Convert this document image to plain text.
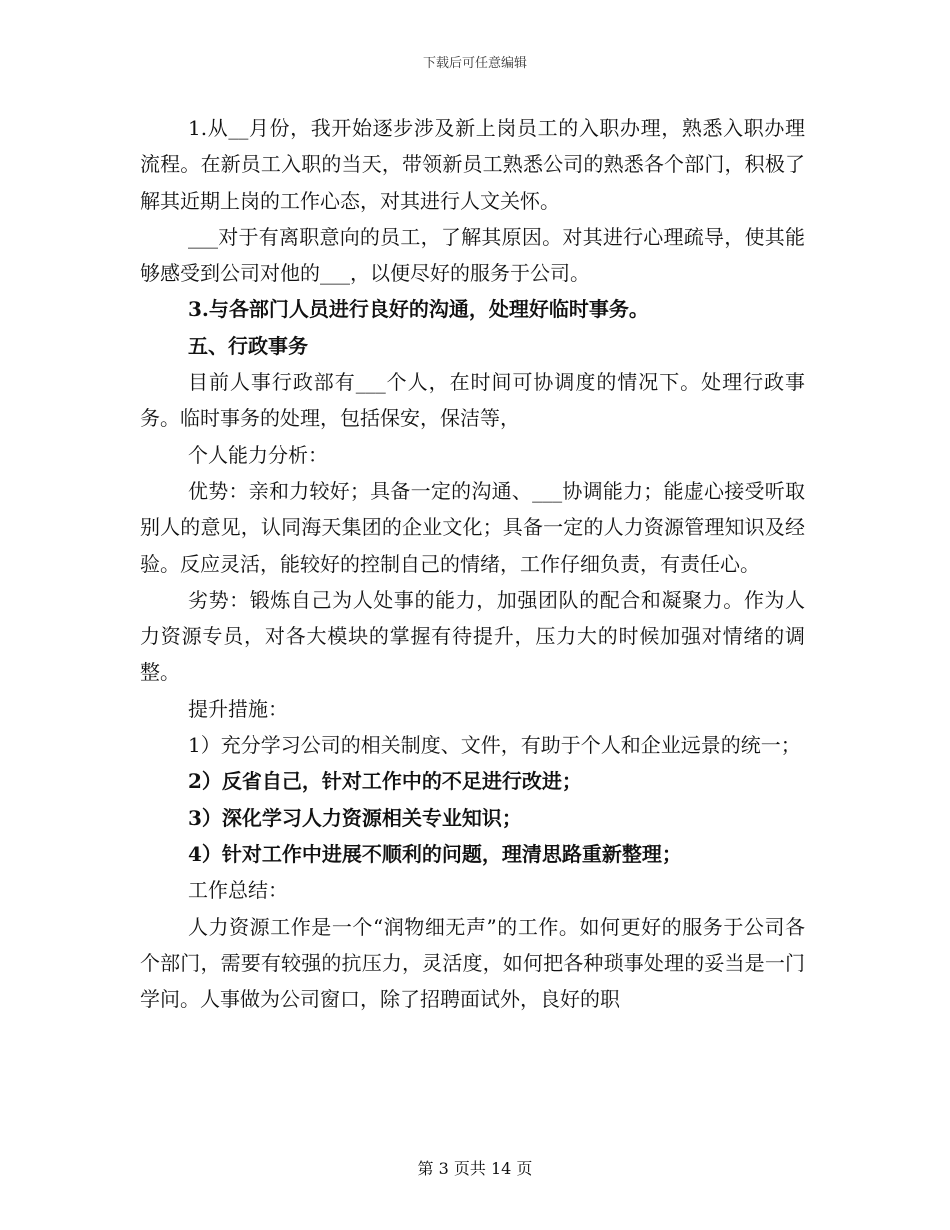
下载后可任意编辑

1.从__月份，我开始逐步涉及新上岗员工的入职办理，熟悉入职办理流程。在新员工入职的当天，带领新员工熟悉公司的熟悉各个部门，积极了解其近期上岗的工作心态，对其进行人文关怀。

___对于有离职意向的员工，了解其原因。对其进行心理疏导，使其能够感受到公司对他的___，以便尽好的服务于公司。

3.与各部门人员进行良好的沟通，处理好临时事务。

五、行政事务

目前人事行政部有___个人，在时间可协调度的情况下。处理行政事务。临时事务的处理，包括保安，保洁等，

个人能力分析：

优势：亲和力较好；具备一定的沟通、___协调能力；能虚心接受听取别人的意见，认同海天集团的企业文化；具备一定的人力资源管理知识及经验。反应灵活，能较好的控制自己的情绪，工作仔细负责，有责任心。

劣势：锻炼自己为人处事的能力，加强团队的配合和凝聚力。作为人力资源专员，对各大模块的掌握有待提升，压力大的时候加强对情绪的调整。

提升措施：

1）充分学习公司的相关制度、文件，有助于个人和企业远景的统一；

2）反省自己，针对工作中的不足进行改进；

3）深化学习人力资源相关专业知识；

4）针对工作中进展不顺利的问题，理清思路重新整理；

工作总结：

人力资源工作是一个“润物细无声”的工作。如何更好的服务于公司各个部门，需要有较强的抗压力，灵活度，如何把各种琐事处理的妥当是一门学问。人事做为公司窗口，除了招聘面试外，良好的职

第 3 页共 14 页
